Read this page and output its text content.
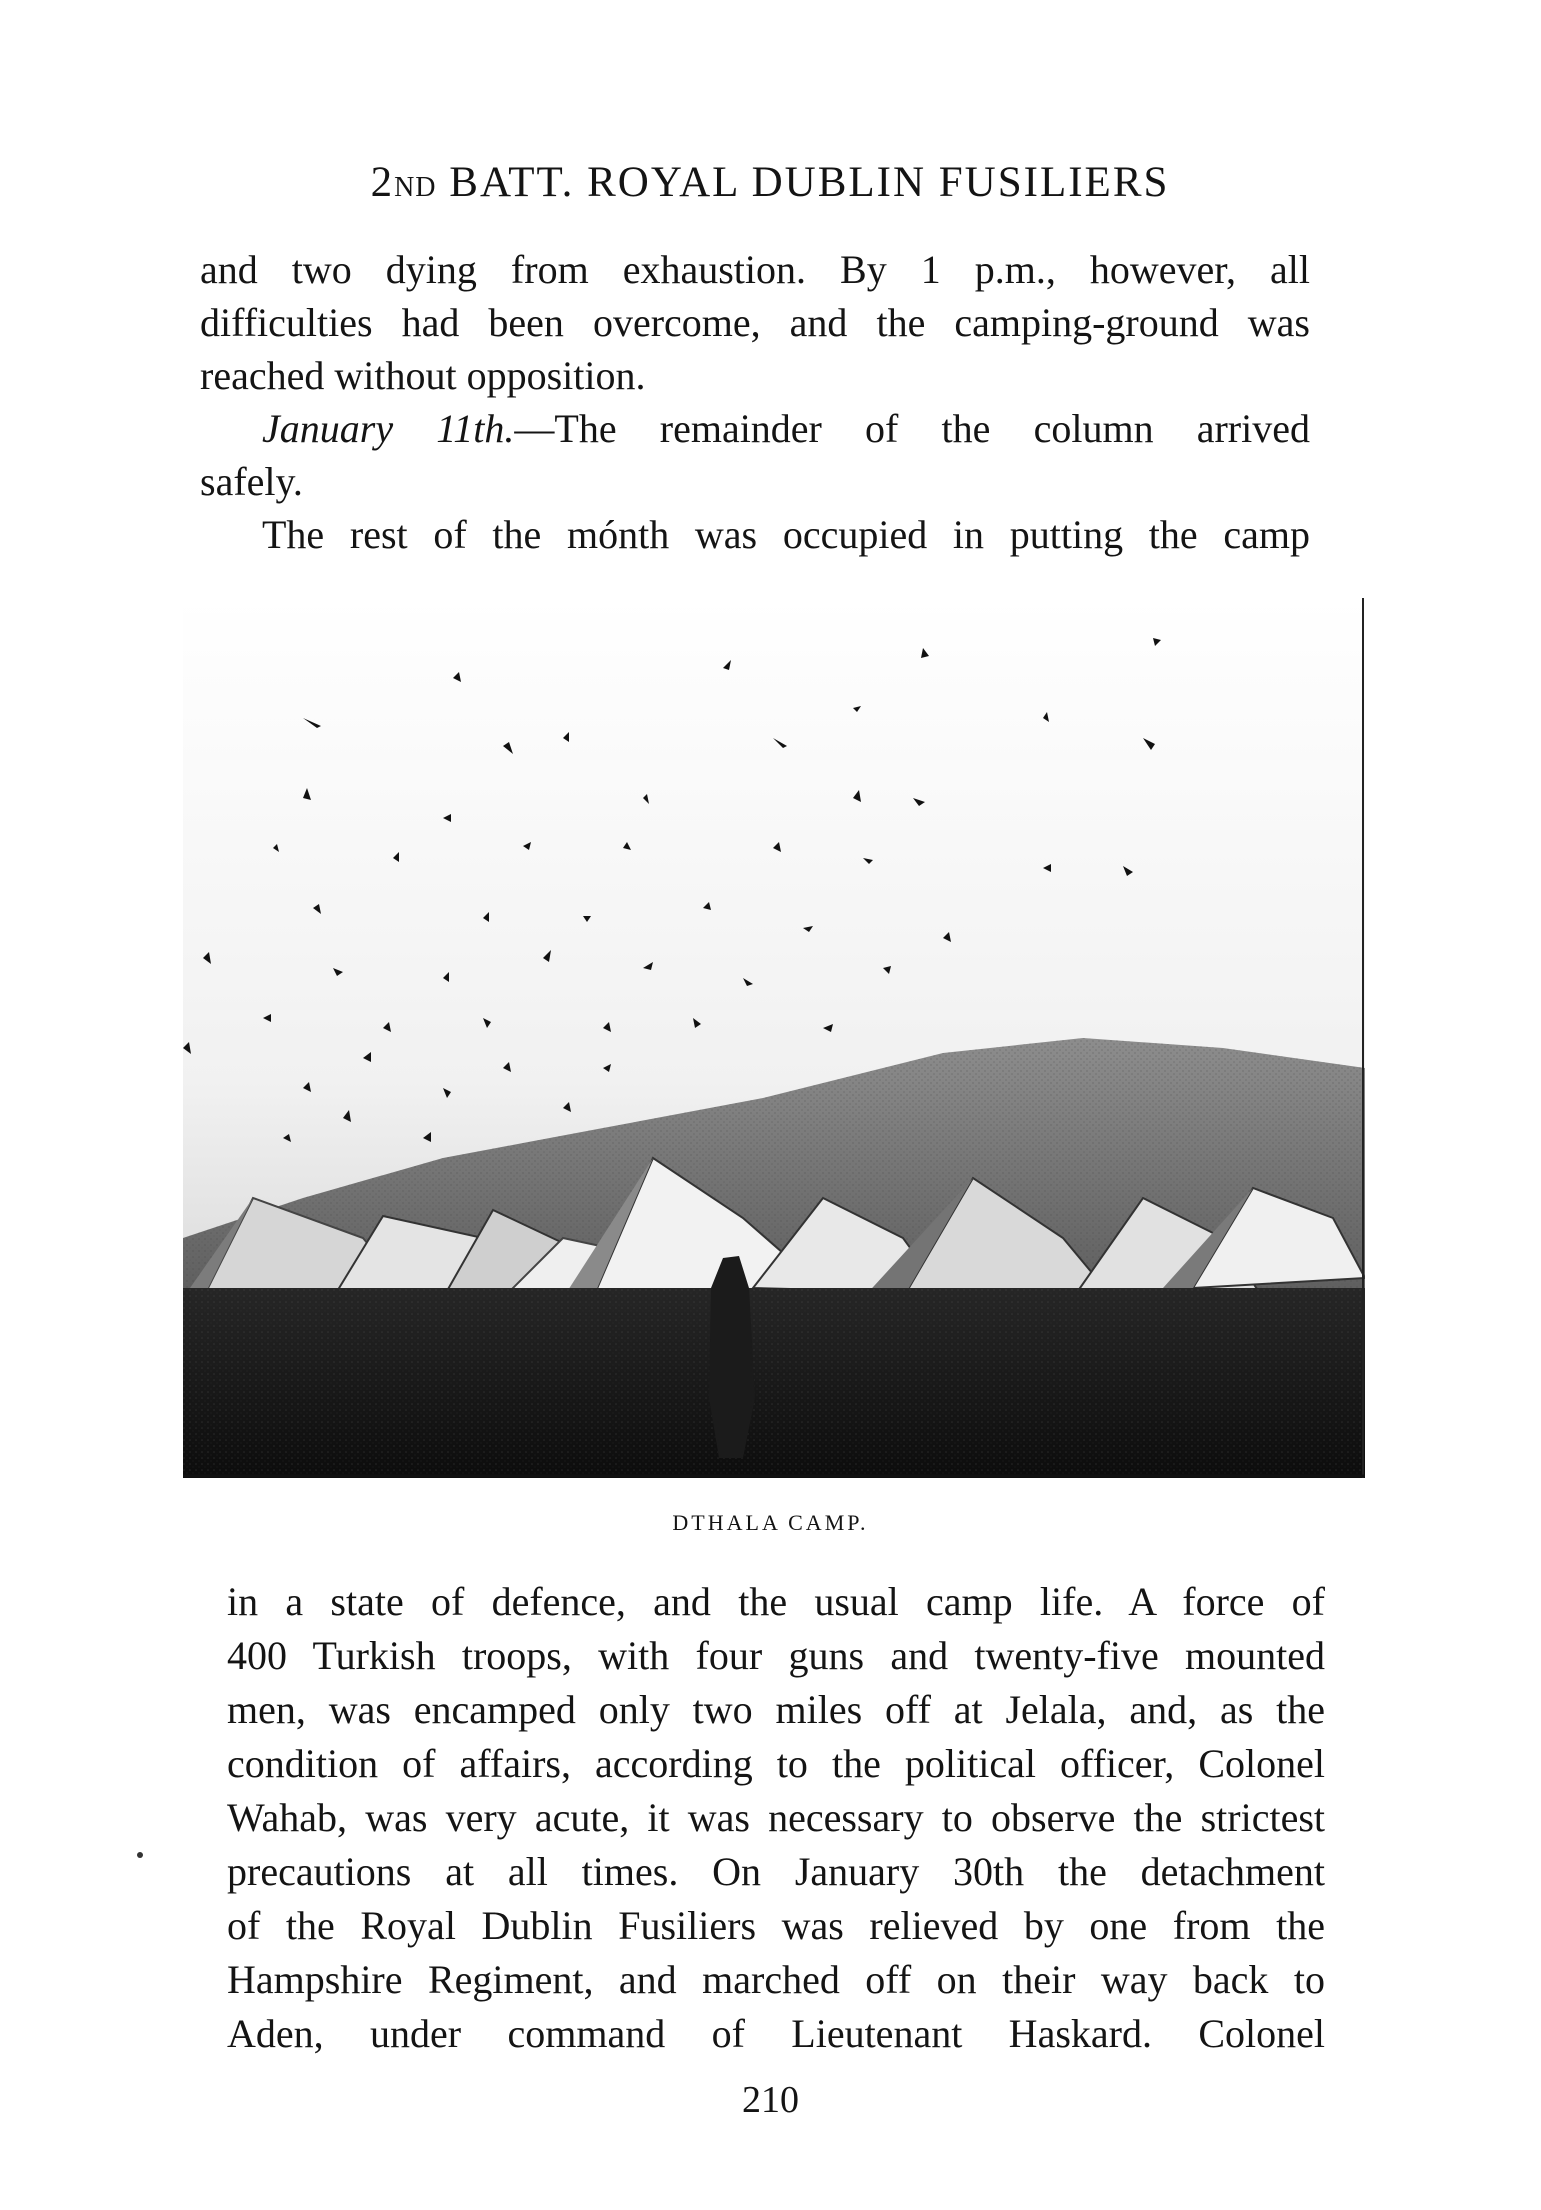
2ND BATT. ROYAL DUBLIN FUSILIERS
and two dying from exhaustion. By 1 p.m., however, all
difficulties had been overcome, and the camping-ground was
reached without opposition.
January 11th.—The remainder of the column arrived
safely.
The rest of the mónth was occupied in putting the camp
DTHALA CAMP.
in a state of defence, and the usual camp life. A force of
400 Turkish troops, with four guns and twenty-five mounted
men, was encamped only two miles off at Jelala, and, as the
condition of affairs, according to the political officer, Colonel
Wahab, was very acute, it was necessary to observe the strictest
precautions at all times. On January 30th the detachment
of the Royal Dublin Fusiliers was relieved by one from the
Hampshire Regiment, and marched off on their way back to
Aden, under command of Lieutenant Haskard. Colonel
210
